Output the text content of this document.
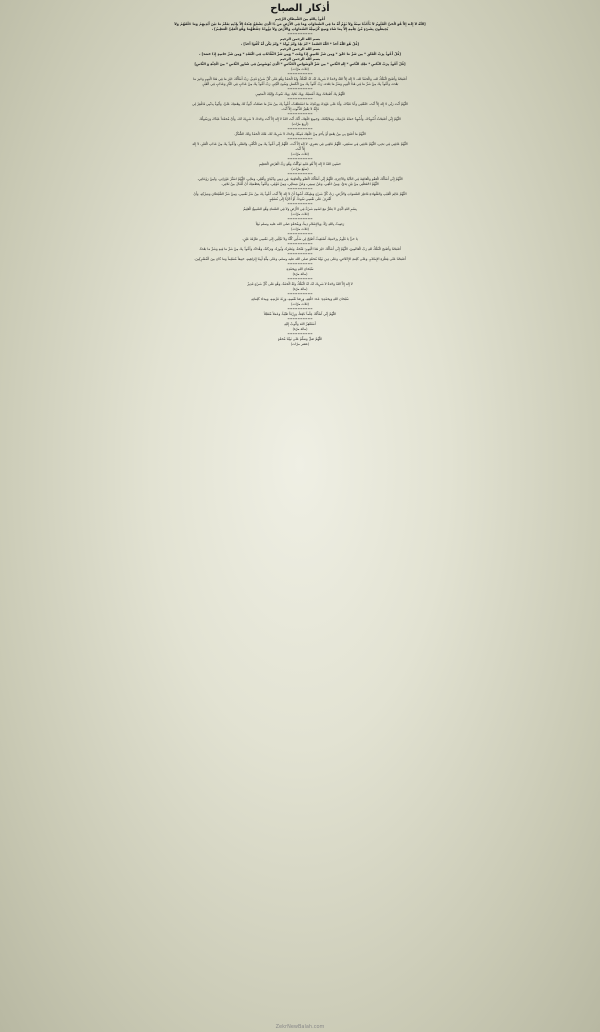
أذكار الصباح
أَعُوذُ بِاللهِ مِنَ الشَّيطَانِ الرَّجِيمِ
[اللّهُ لاَ إِلَـهَ إِلاَّ هُوَ الْحَيُّ الْقَيُّومُ لاَ تَأْخُذُهُ سِنَةٌ وَلاَ نَوْمٌ لَّهُ مَا فِي السَّمَاوَاتِ وَمَا فِي الأَرْضِ مَن ذَا الَّذِي يَشْفَعُ عِنْدَهُ إِلاَّ بِإِذْنِهِ يَعْلَمُ مَا بَيْنَ أَيْدِيهِمْ وَمَا خَلْفَهُمْ وَلاَ
يُحِيطُونَ بِشَيْءٍ مِّنْ عِلْمِهِ إِلاَّ بِمَا شَاء وَسِعَ كُرْسِيُّهُ السَّمَاوَاتِ وَالأَرْضَ وَلاَ يَؤُودُهُ حِفْظُهُمَا وَهُوَ الْعَلِيُّ الْعَظِيمُ] ،
----------
بسم الله الرحمن الرحيم
[قُلْ هُوَ اللَّهُ أَحَدٌ * اللَّهُ الصَّمَدُ * لَمْ يَلِدْ وَلَمْ يُولَدْ * وَلَمْ يَكُن لَّهُ كُفُوًا أَحَدٌ] ،
بسم الله الرحمن الرحيم
[قُلْ أَعُوذُ بِرَبِّ الْفَلَقِ * مِن شَرِّ مَا خَلَقَ * وَمِن شَرِّ غَاسِقٍ إِذَا وَقَبَ * وَمِن شَرِّ النَّفَّاثَاتِ فِي الْعُقَدِ * وَمِن شَرِّ حَاسِدٍ إِذَا حَسَدَ] ،
بسم الله الرحمن الرحيم
[قُلْ أَعُوذُ بِرَبِّ النَّاسِ * مَلِكِ النَّاسِ * إِلَهِ النَّاسِ * مِن شَرِّ الْوَسْوَاسِ الْخَنَّاسِ * الَّذِي يُوَسْوِسُ فِي صُدُورِ النَّاسِ * مِنَ الْجِنَّةِ وَ النَّاسِ]
(ثلاث مرّات)
----------
أَصْبَحْنَا وَأَصْبَحَ الْمُلْكُ لله، وَالْحَمْدُ لله، لاَ إِلَهَ إلاَّ اللهُ وَحْدَهُ لاَ شَرِيكَ لَهُ، لَهُ الْمُلْكُ وَلَهُ الْحَمْدُ وَهُوَ عَلَى كُلِّ شَيْءٍ قَدِيرٌ، رَبِّ أَسْأَلُكَ خَيْرَ مَا فِي هَذَا الْيَومِ وَخَيرَ مَا
بَعْدَه، وَأَعُوذُ بِكَ مِنْ شَرِّ مَا فِي هَذَا الْيَومِ وَشَرِّ مَا بَعْدَه، رَبِّ أَعُوذُ بِكَ مِنَ الْكَسَلِ وَسُوءِ الْكِبَرِ، رَبِّ أَعُوذُ بِكَ مِنْ عَذَابٍ فِي النَّارِ وَعَذَابٍ فِي الْقَبْرِ.
----------
اللَّهُمَّ بِكَ أَصْبَحْنَا، وَبِكَ أَمْسَيْنَا، وَبِكَ نَحْيَا، وَبِكَ نَمُوتُ وَإِلَيْكَ الْمَصِيرِ.
----------
اللَّهُمَّ أَنْتَ رَبِّي لا إِلَهَ إِلاَّ أَنْتَ، خَلَقْتَنِي وَأَنَا عَبْدُكَ، وَأَنَا عَلَى عَهْدِكَ وَوَعْدِكَ مَا اسْتَطَعْتُ، أَعُوذُ بِكَ مِنْ شَرِّ مَا صَنَعْتُ، أَبُوءُ لَكَ بِنِعْمَتِكَ عَلَيَّ، وَأَبُوءُ بِذَنْبِي فَاغْفِرْ لِي
فَإِنَّهُ لاَ يَغْفِرُ الذُّنُوبَ إِلاَّ أَنْتَ.
----------
اللَّهُمَّ إِنِّي أَصْبَحْتُ أُشْهِدُكَ، وَأُشْهِدُ حَمَلَةَ عَرْشِكَ، وَمَلاَئِكَتَكَ، وَجَمِيعَ خَلْقِكَ، أَنَّكَ أَنْتَ اللهُ لاَ إِلَهَ إِلاَّ أَنْتَ وَحْدَكَ لاَ شَرِيكَ لَكَ، وَأَنَّ مُحَمَّداً عَبْدُكَ وَرَسُولُكَ
(أربعَ مرّات)
----------
اللَّهُمَّ مَا أَصْبَحَ بِي مِنْ نِعْمَةٍ أَوْ بِأَحَدٍ مِنْ خَلْقِكَ فَمِنْكَ وَحْدَكَ لاَ شَرِيكَ لَكَ، فَلَكَ الْحَمْدُ وَلَكَ الشُّكْرُ.
----------
اللَّهُمَّ عَافِنِي فِي بَدَنِي، اللَّهُمَّ عَافِنِي فِي سَمْعِي، اللَّهُمَّ عَافِنِي فِي بَصَرِي، لاَ إِلَهَ إِلاَّ أَنْتَ. اللَّهُمَّ إِنِّي أَعُوذُ بِكَ مِنَ الْكُفْرِ، وَالفَقْرِ، وَأَعُوذُ بِكَ مِنْ عَذَابِ الْقَبْرِ، لاَ إِلَهَ
إِلاَّ أَنْتَ.
(ثلاث مرّات)
----------
حَسْبِيَ اللهُ لاَ إِلَهَ إِلاَّ هُوَ عَلَيهِ تَوَكَّلْتُ وَهُوَ رَبُّ الْعَرْشِ الْعَظِيمِ
(سبْعَ مرّات)
----------
اللَّهُمَّ إِنِّي أَسْأَلُكَ الْعَفْوَ وَالْعَافِيَةَ فِي الدُّنْيَا وَالآخِرَةِ، اللَّهُمَّ إِنِّي أَسْأَلُكَ الْعَفْوَ وَالْعَافِيَةَ: فِي دِينِي وَدُنْيَايَ وَأَهْلِي، وَمَالِي، اللَّهُمَّ اسْتُرْ عَوْرَاتِي، وَآمِنْ رَوْعَاتِي،
اللَّهُمَّ احْفَظْنِي مِنْ بَيْنِ يَدَيَّ، وَمِنْ خَلْفِي، وَعَنْ يَمِينِي، وَعَنْ شِمَالِي، وَمِنْ فَوْقِي، وَأَعُوذُ بِعَظَمَتِكَ أَنْ أُغْتَالَ مِنْ تَحْتِي.
----------
اللَّهُمَّ عَالِمَ الْغَيْبِ وَالشَّهَادَةِ فَاطِرَ السَّمَوَاتِ وَالأَرْضِ، رَبَّ كُلِّ شَيْءٍ وَمَلِيكَهُ، أَشْهَدُ أَنْ لاَ إِلَهَ إِلاَّ أَنْتَ، أَعُوذُ بِكَ مِنْ شَرِّ نَفْسِي، وَمِنْ شَرِّ الشَّيْطَانِ وَشِرْكِهِ، وَأَنْ
أَقْتَرِفَ عَلَى نَفْسِي سُوءاً، أَوْ أَجُرَّهُ إِلَى مُسْلِمٍ.
----------
بِسْمِ اللهِ الَّذِي لاَ يَضُرُّ مَعَ اسْمِهِ شَيْءٌ فِي الأَرْضِ وَلاَ فِي السَّمَاءِ وَهُوَ السَّمِيعُ الْعَلِيمُ
(ثلاث مرّات)
----------
رَضِيتُ بِاللهِ رَبَّاً، وَبِالإِسْلاَمِ دِيناً، وَبِمُحَمَّدٍ صلى الله عليه وسلم نَبِيّاً
(ثلاث مرّات)
----------
يَا حَيُّ يَا قَيُّومُ بِرَحْمَتِكَ أَسْتَغِيثُ أَصْلِحْ لِي شَأْنِي كُلَّهُ وَلاَ تَكِلْنِي إِلَى نَفْسِي طَرْفَةَ عَيْنٍ.
----------
أَصْبَحْنَا وَأَصْبَحَ الْمُلْكُ للهِ رَبِّ الْعَالَمِينَ، اللَّهُمَّ إِنِّي أَسْأَلُكَ خَيْرَ هَذَا الْيَومِ: فَتْحَهُ، وَنَصْرَهُ، وَنُورَهُ، وَبَرَكَتَهُ، وَهُدَاهُ، وَأَعُوذُ بِكَ مِنْ شَرِّ مَا فِيهِ وَشَرِّ مَا بَعْدَهُ.
----------
أَصْبَحْنَا عَلَى فِطْرَةِ الإِسْلاَمِ، وَعَلَى كَلِمَةِ الإِخْلاَصِ، وَعَلَى دِينِ نَبِيِّنَا مُحَمَّدٍ صلى الله عليه وسلم، وَعَلَى مِلَّةِ أَبِينَا إِبْرَاهِيمَ، حَنِيفاً مُسْلِماً وَمَا كَانَ مِنَ الْمُشْرِكِينَ.
----------
سُبْحَانَ اللهِ وَبِحَمْدِهِ
(مائة مرّة)
----------
لاَ إِلَهَ إِلاَّ اللهُ وَحْدَهُ لاَ شَرِيكَ لَهُ، لَهُ الْمُلْكُ وَلَهُ الْحَمْدُ، وَهُوَ عَلَى كُلِّ شَيْءٍ قَدِيرٌ
(مائة مرّة)
----------
سُبْحَانَ اللهِ وَبِحَمْدِهِ: عَدَدَ خَلْقِهِ، وَرِضَا نَفْسِهِ، وَزِنَةَ عَرْشِهِ، وَمِدَادَ كَلِمَاتِهِ
(ثلاث مرّات)
----------
اللَّهُمَّ إِنِّي أَسْأَلُكَ عِلْماً نَافِعاً، وَرِزْقاً طَيِّباً، وَعَمَلاً مُتَقَبَّلاً
----------
أَسْتَغْفِرُ اللهَ وَأَتُوبُ إِلَيْهِ
(مائة مرّة)
----------
اللَّهُمَّ صَلِّ وَسَلِّمْ عَلَى نَبِيِّنَا مُحَمَّدٍ
(عشر مرّات)
ZekrNewBalah.com
